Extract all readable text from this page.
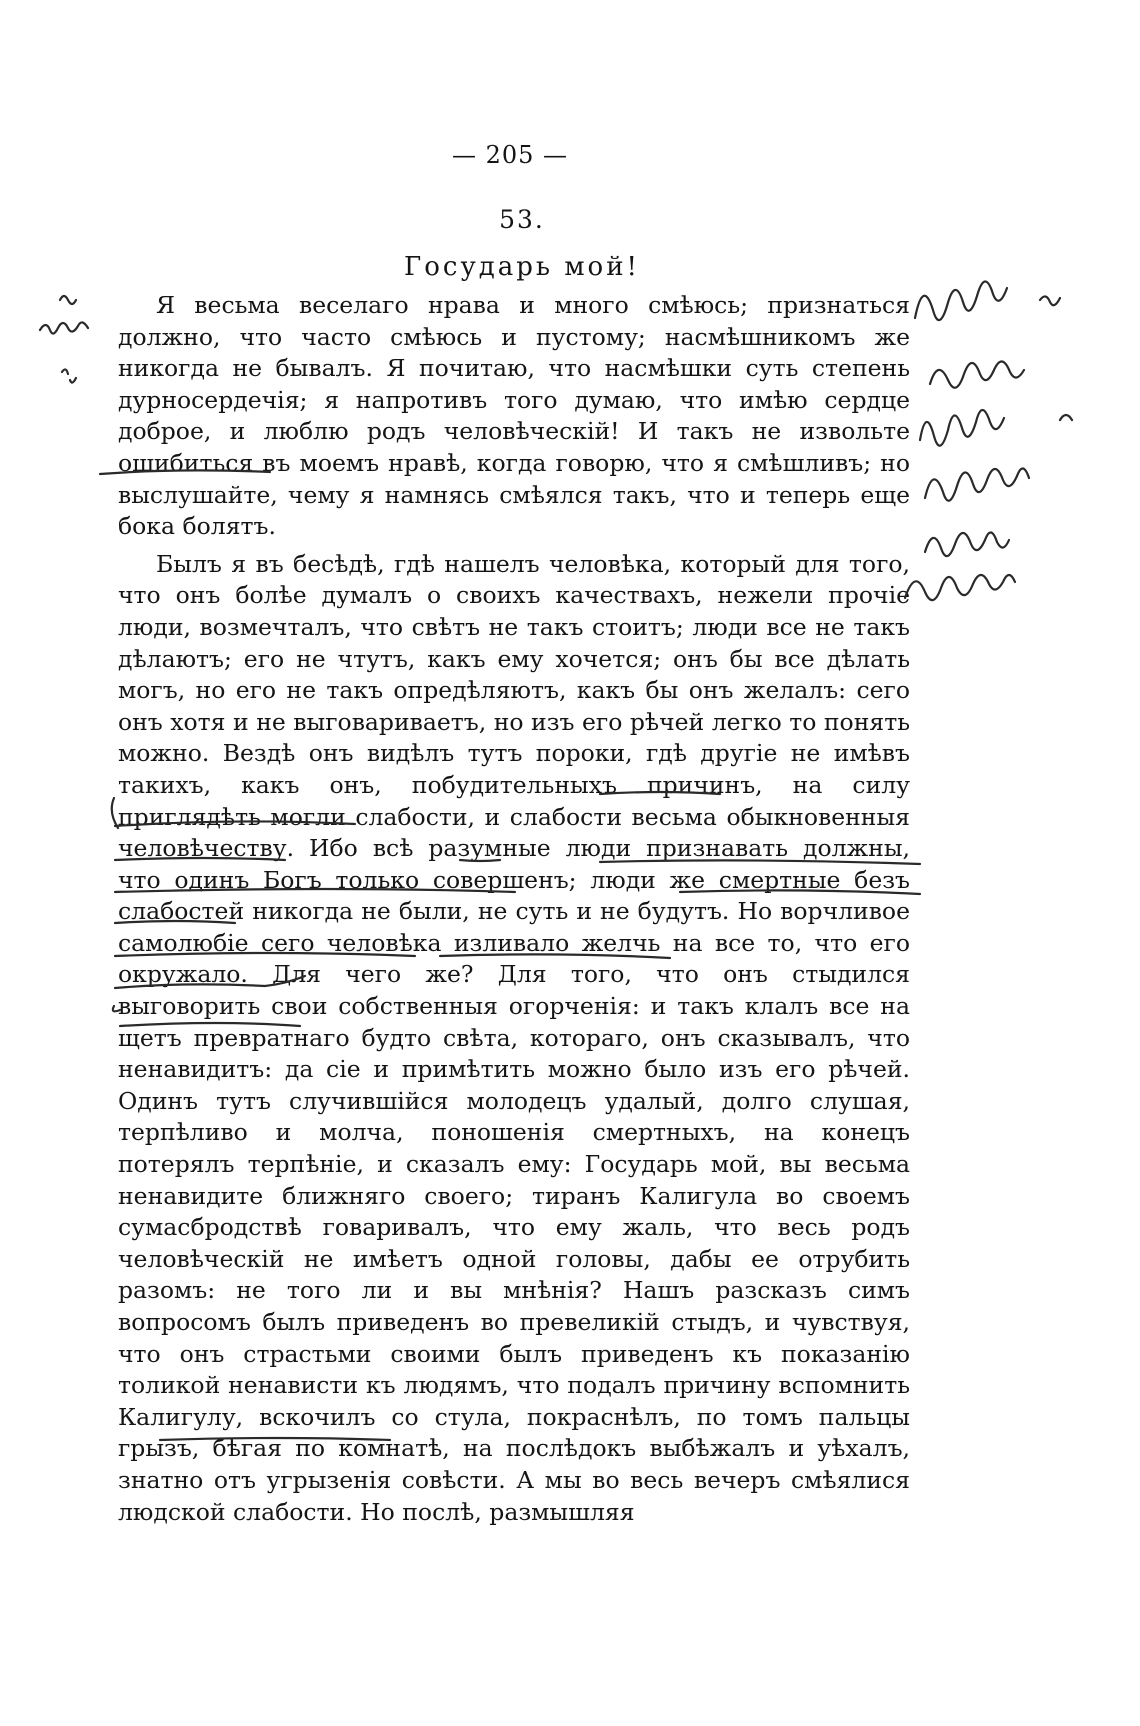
— 205 —
53.
Государь мой!

Я весьма веселаго нрава и много смѣюсь; признаться должно, что часто смѣюсь и пустому; насмѣшникомъ же никогда не бывалъ. Я почитаю, что насмѣшки суть степень дурносердечія; я напротивъ того думаю, что имѣю сердце доброе, и люблю родъ человѣческій! И такъ не извольте ошибиться въ моемъ нравѣ, когда говорю, что я смѣшливъ; но выслушайте, чему я намнясь смѣялся такъ, что и теперь еще бока болятъ.

Былъ я въ бесѣдѣ, гдѣ нашелъ человѣка, который для того, что онъ болѣе думалъ о своихъ качествахъ, нежели прочіе люди, возмечталъ, что свѣтъ не такъ стоитъ; люди все не такъ дѣлаютъ; его не чтутъ, какъ ему хочется; онъ бы все дѣлать могъ, но его не такъ опредѣляютъ, какъ бы онъ желалъ: сего онъ хотя и не выговариваетъ, но изъ его рѣчей легко то понять можно. Вездѣ онъ видѣлъ тутъ пороки, гдѣ другіе не имѣвъ такихъ, какъ онъ, побудительныхъ причинъ, на силу приглядѣть могли слабости, и слабости весьма обыкновенныя человѣчеству. Ибо всѣ разумные люди признавать должны, что одинъ Богъ только совершенъ; люди же смертные безъ слабостей никогда не были, не суть и не будутъ. Но ворчливое самолюбіе сего человѣка изливало желчь на все то, что его окружало. Для чего же? Для того, что онъ стыдился выговорить свои собственныя огорченія: и такъ клалъ все на щетъ превратнаго будто свѣта, котораго, онъ сказывалъ, что ненавидитъ: да сіе и примѣтить можно было изъ его рѣчей. Одинъ тутъ случившійся молодецъ удалый, долго слушая, терпѣливо и молча, поношенія смертныхъ, на конецъ потерялъ терпѣніе, и сказалъ ему: Государь мой, вы весьма ненавидите ближняго своего; тиранъ Калигула во своемъ сумасбродствѣ говаривалъ, что ему жаль, что весь родъ человѣческій не имѣетъ одной головы, дабы ее отрубить разомъ: не того ли и вы мнѣнія? Нашъ разсказъ симъ вопросомъ былъ приведенъ во превеликій стыдъ, и чувствуя, что онъ страстьми своими былъ приведенъ къ показанію толикой ненависти къ людямъ, что подалъ причину вспомнить Калигулу, вскочилъ со стула, покраснѣлъ, по томъ пальцы грызъ, бѣгая по комнатѣ, на послѣдокъ выбѣжалъ и уѣхалъ, знатно отъ угрызенія совѣсти. А мы во весь вечеръ смѣялися людской слабости. Но послѣ, размышляя
